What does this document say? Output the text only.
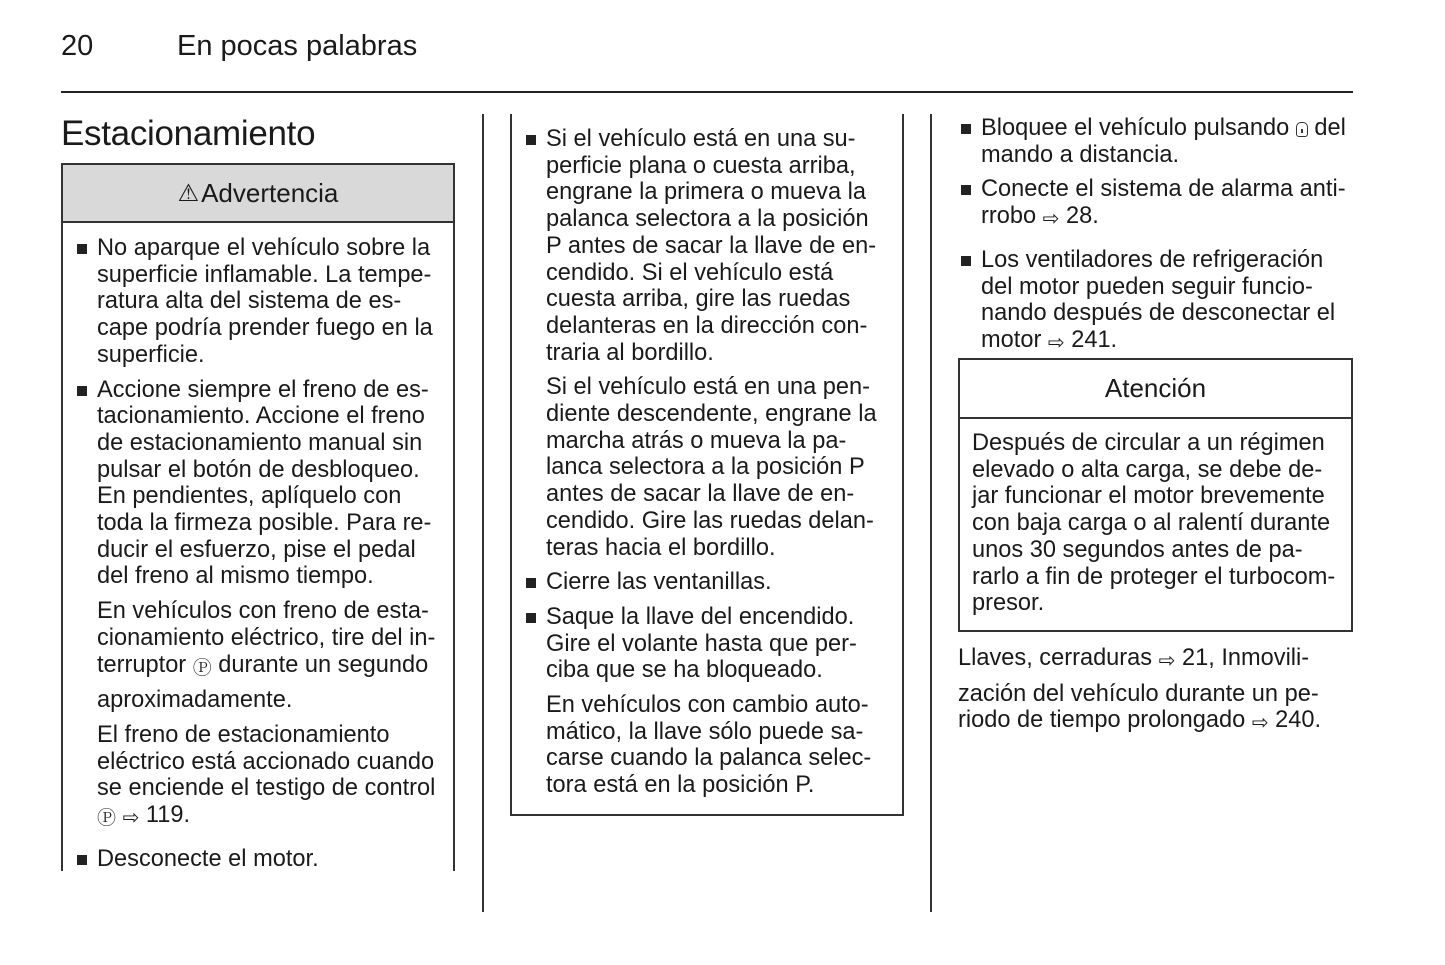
20	En pocas palabras
Estacionamiento
⚠ Advertencia
No aparque el vehículo sobre la
superficie inflamable. La tempe-
ratura alta del sistema de es-
cape podría prender fuego en la
superficie.
Accione siempre el freno de es-
tacionamiento. Accione el freno
de estacionamiento manual sin
pulsar el botón de desbloqueo.
En pendientes, aplíquelo con
toda la firmeza posible. Para re-
ducir el esfuerzo, pise el pedal
del freno al mismo tiempo.
En vehículos con freno de esta-
cionamiento eléctrico, tire del in-
terruptor  durante un segundo
aproximadamente.
El freno de estacionamiento
eléctrico está accionado cuando
se enciende el testigo de control
119.
Desconecte el motor.
Si el vehículo está en una su-
perficie plana o cuesta arriba,
engrane la primera o mueva la
palanca selectora a la posición
P antes de sacar la llave de en-
cendido. Si el vehículo está
cuesta arriba, gire las ruedas
delanteras en la dirección con-
traria al bordillo.
Si el vehículo está en una pen-
diente descendente, engrane la
marcha atrás o mueva la pa-
lanca selectora a la posición P
antes de sacar la llave de en-
cendido. Gire las ruedas delan-
teras hacia el bordillo.
Cierre las ventanillas.
Saque la llave del encendido.
Gire el volante hasta que per-
ciba que se ha bloqueado.
En vehículos con cambio auto-
mático, la llave sólo puede sa-
carse cuando la palanca selec-
tora está en la posición P.
Bloquee el vehículo pulsando  del
mando a distancia.
Conecte el sistema de alarma anti-
rrobo  28.
Los ventiladores de refrigeración
del motor pueden seguir funcio-
nando después de desconectar el
motor  241.
Atención
Después de circular a un régimen
elevado o alta carga, se debe de-
jar funcionar el motor brevemente
con baja carga o al ralentí durante
unos 30 segundos antes de pa-
rarlo a fin de proteger el turbocom-
presor.
Llaves, cerraduras  21, Inmovili-
zación del vehículo durante un pe-
riodo de tiempo prolongado  240.
